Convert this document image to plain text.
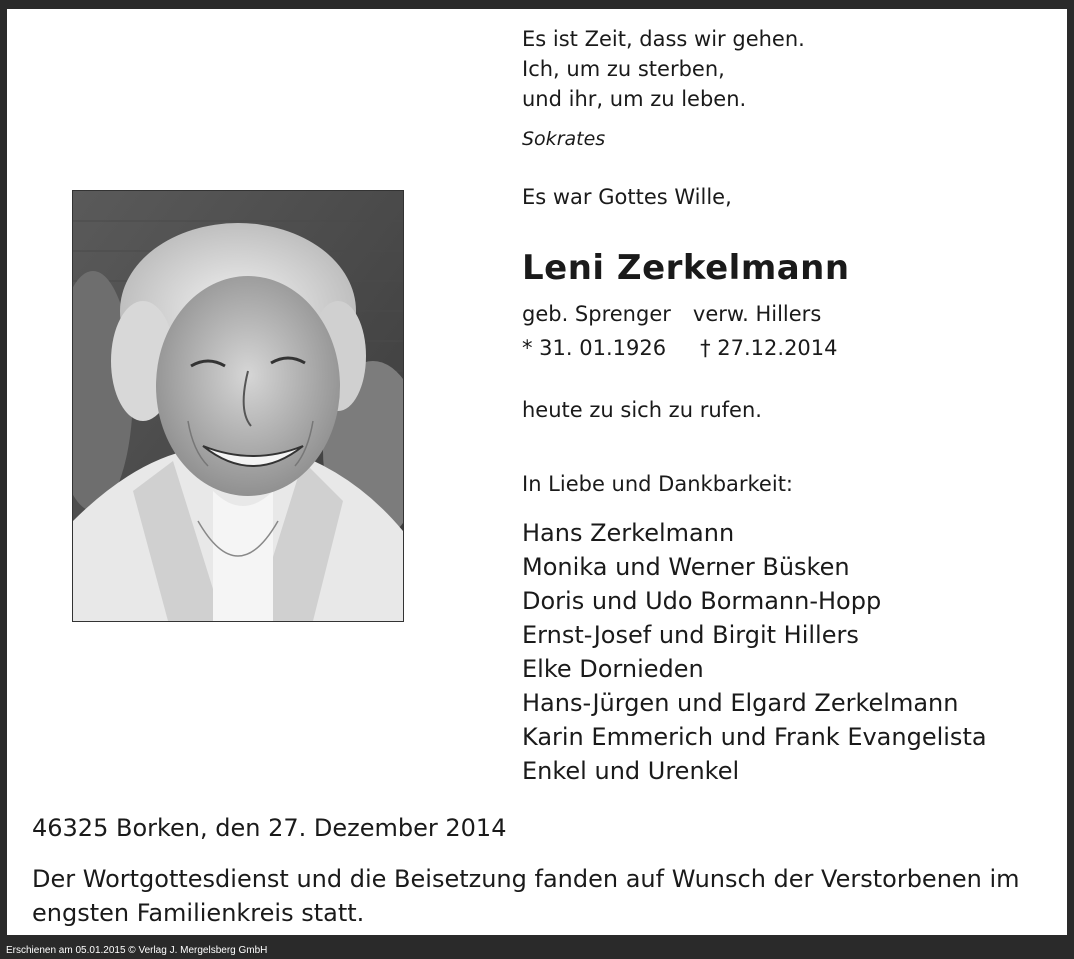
Es ist Zeit, dass wir gehen.
Ich, um zu sterben,
und ihr, um zu leben.
Sokrates
Es war Gottes Wille,
Leni Zerkelmann
geb. Sprenger verw. Hillers
* 31. 01.1926 † 27.12.2014
heute zu sich zu rufen.
In Liebe und Dankbarkeit:
Hans Zerkelmann
Monika und Werner Büsken
Doris und Udo Bormann-Hopp
Ernst-Josef und Birgit Hillers
Elke Dornieden
Hans-Jürgen und Elgard Zerkelmann
Karin Emmerich und Frank Evangelista
Enkel und Urenkel
46325 Borken, den 27. Dezember 2014
Der Wortgottesdienst und die Beisetzung fanden auf Wunsch der Verstorbenen im engsten Familienkreis statt.
Erschienen am 05.01.2015 © Verlag J. Mergelsberg GmbH
